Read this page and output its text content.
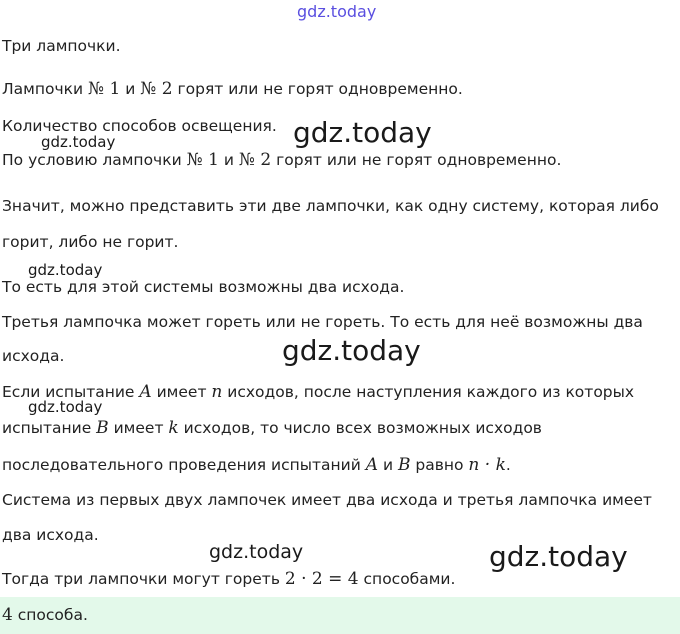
gdz.today
Три лампочки.
Лампочки № 1 и № 2 горят или не горят одновременно.
Количество способов освещения. gdz.today
gdz.today
По условию лампочки № 1 и № 2 горят или не горят одновременно.
Значит, можно представить эти две лампочки, как одну систему, которая либо
горит, либо не горит.
gdz.today
То есть для этой системы возможны два исхода.
Третья лампочка может гореть или не гореть. То есть для неё возможны два
исхода.	gdz.today
Если испытание A имеет n исходов, после наступления каждого из которых
gdz.today
испытание B имеет k исходов, то число всех возможных исходов
последовательного проведения испытаний A и B равно n · k.
Система из первых двух лампочек имеет два исхода и третья лампочка имеет
два исхода.
gdz.today	gdz.today
Тогда три лампочки могут гореть 2 · 2 = 4 способами.
4 способа.
